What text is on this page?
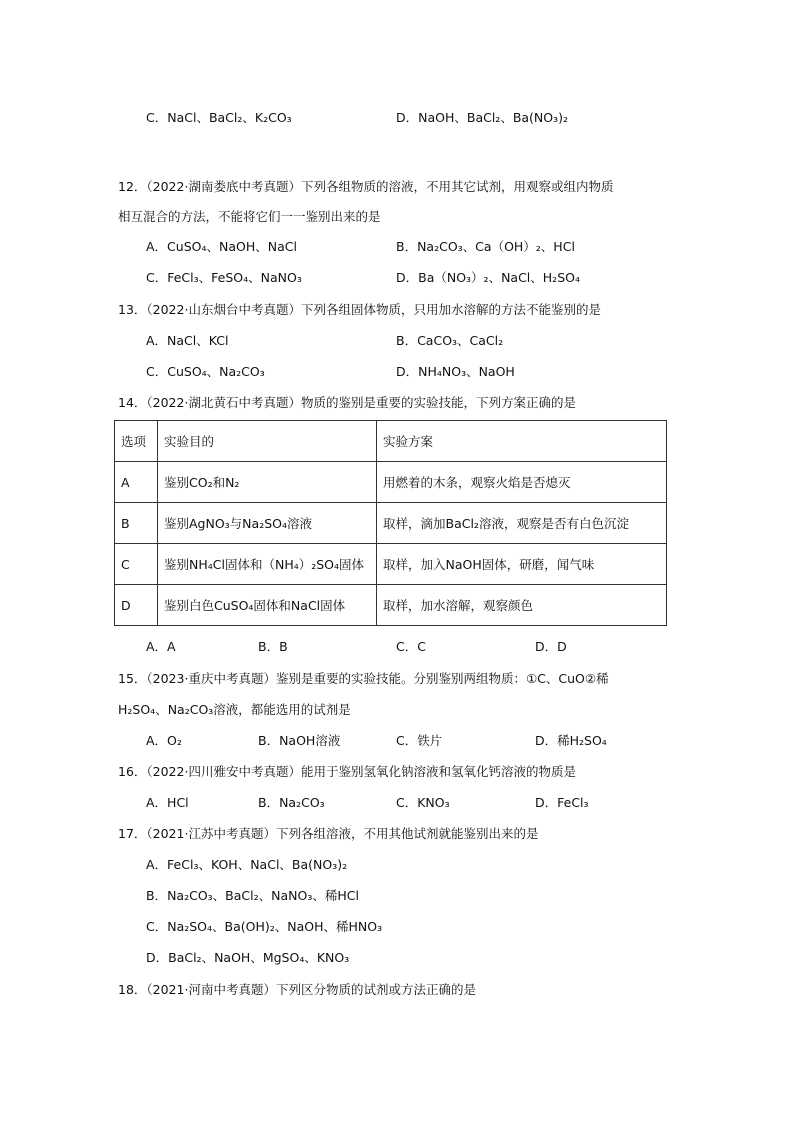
C．NaCl、BaCl₂、K₂CO₃	D．NaOH、BaCl₂、Ba(NO₃)₂
12．（2022·湖南娄底中考真题）下列各组物质的溶液，不用其它试剂，用观察或组内物质
相互混合的方法，不能将它们一一鉴别出来的是
A．CuSO₄、NaOH、NaCl	B．Na₂CO₃、Ca（OH）₂、HCl
C．FeCl₃、FeSO₄、NaNO₃	D．Ba（NO₃）₂、NaCl、H₂SO₄
13．（2022·山东烟台中考真题）下列各组固体物质，只用加水溶解的方法不能鉴别的是
A．NaCl、KCl	B．CaCO₃、CaCl₂
C．CuSO₄、Na₂CO₃	D．NH₄NO₃、NaOH
14．（2022·湖北黄石中考真题）物质的鉴别是重要的实验技能，下列方案正确的是
选项	实验目的	实验方案
A	鉴别CO₂和N₂	用燃着的木条，观察火焰是否熄灭
B	鉴别AgNO₃与Na₂SO₄溶液	取样，滴加BaCl₂溶液，观察是否有白色沉淀
C	鉴别NH₄Cl固体和（NH₄）₂SO₄固体	取样，加入NaOH固体，研磨，闻气味
D	鉴别白色CuSO₄固体和NaCl固体	取样，加水溶解，观察颜色
A．A	B．B	C．C	D．D
15．（2023·重庆中考真题）鉴别是重要的实验技能。分别鉴别两组物质：①C、CuO②稀
H₂SO₄、Na₂CO₃溶液，都能选用的试剂是
A．O₂	B．NaOH溶液	C．铁片	D．稀H₂SO₄
16．（2022·四川雅安中考真题）能用于鉴别氢氧化钠溶液和氢氧化钙溶液的物质是
A．HCl	B．Na₂CO₃	C．KNO₃	D．FeCl₃
17．（2021·江苏中考真题）下列各组溶液，不用其他试剂就能鉴别出来的是
A．FeCl₃、KOH、NaCl、Ba(NO₃)₂
B．Na₂CO₃、BaCl₂、NaNO₃、稀HCl
C．Na₂SO₄、Ba(OH)₂、NaOH、稀HNO₃
D．BaCl₂、NaOH、MgSO₄、KNO₃
18．（2021·河南中考真题）下列区分物质的试剂或方法正确的是
